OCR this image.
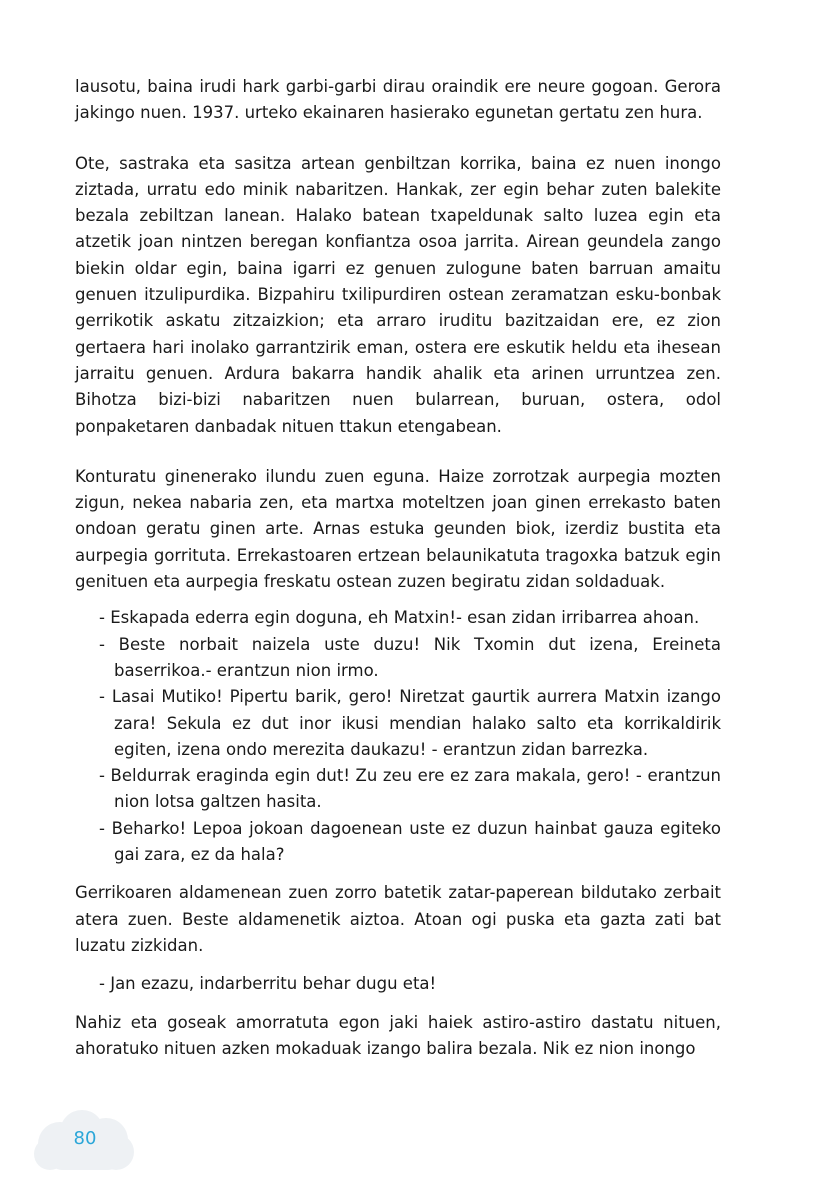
lausotu, baina irudi hark garbi-garbi dirau oraindik ere neure gogoan. Gerora jakingo nuen. 1937. urteko ekainaren hasierako egunetan gertatu zen hura.

Ote, sastraka eta sasitza artean genbiltzan korrika, baina ez nuen inongo ziztada, urratu edo minik nabaritzen. Hankak, zer egin behar zuten balekite bezala zebiltzan lanean. Halako batean txapeldunak salto luzea egin eta atzetik joan nintzen beregan konfiantza osoa jarrita. Airean geundela zango biekin oldar egin, baina igarri ez genuen zulogune baten barruan amaitu genuen itzulipurdika. Bizpahiru txilipurdiren ostean zeramatzan esku-bonbak gerrikotik askatu zitzaizkion; eta arraro iruditu bazitzaidan ere, ez zion gertaera hari inolako garrantzirik eman, ostera ere eskutik heldu eta ihesean jarraitu genuen. Ardura bakarra handik ahalik eta arinen urruntzea zen. Bihotza bizi-bizi nabaritzen nuen bularrean, buruan, ostera, odol ponpaketaren danbadak nituen ttakun etengabean.

Konturatu ginenerako ilundu zuen eguna. Haize zorrotzak aurpegia mozten zigun, nekea nabaria zen, eta martxa moteltzen joan ginen errekasto baten ondoan geratu ginen arte. Arnas estuka geunden biok, izerdiz bustita eta aurpegia gorrituta. Errekastoaren ertzean belaunikatuta tragoxka batzuk egin genituen eta aurpegia freskatu ostean zuzen begiratu zidan soldaduak.

- Eskapada ederra egin doguna, eh Matxin!- esan zidan irribarrea ahoan.
- Beste norbait naizela uste duzu! Nik Txomin dut izena, Ereineta baserrikoa.- erantzun nion irmo.
- Lasai Mutiko! Pipertu barik, gero! Niretzat gaurtik aurrera Matxin izango zara! Sekula ez dut inor ikusi mendian halako salto eta korrikaldirik egiten, izena ondo merezita daukazu! - erantzun zidan barrezka.
- Beldurrak eraginda egin dut! Zu zeu ere ez zara makala, gero! - erantzun nion lotsa galtzen hasita.
- Beharko! Lepoa jokoan dagoenean uste ez duzun hainbat gauza egiteko gai zara, ez da hala?

Gerrikoaren aldamenean zuen zorro batetik zatar-paperean bildutako zerbait atera zuen. Beste aldamenetik aiztoa. Atoan ogi puska eta gazta zati bat luzatu zizkidan.

- Jan ezazu, indarberritu behar dugu eta!

Nahiz eta goseak amorratuta egon jaki haiek astiro-astiro dastatu nituen, ahoratuko nituen azken mokaduak izango balira bezala. Nik ez nion inongo

80
